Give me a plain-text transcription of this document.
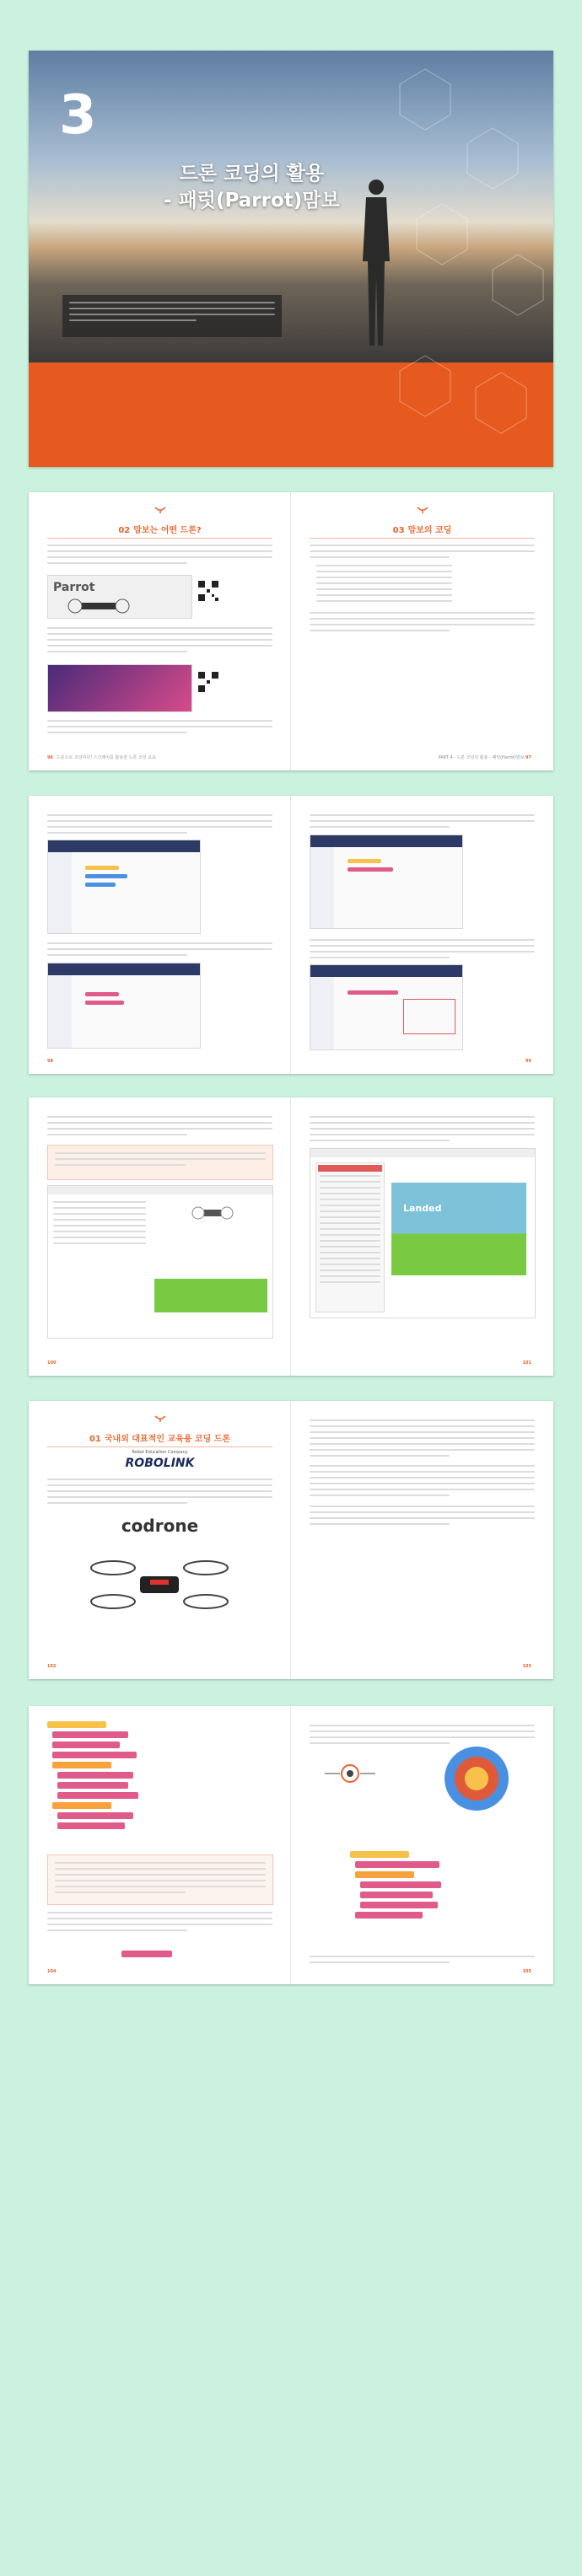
3
드론 코딩의 활용
- 패럿(Parrot)맘보
02 맘보는 어떤 드론?
Parrot
96 드론으로 코딩하다! 스크래치를 활용한 드론 코딩 교육
03 맘보의 코딩
PART 4 · 드론 코딩의 활용 - 패럿(Parrot)맘보 97
98	99
100
Landed
101
01 국내외 대표적인 교육용 코딩 드론
Robot Education Company
ROBOLINK
codrone
102	103
104	105
